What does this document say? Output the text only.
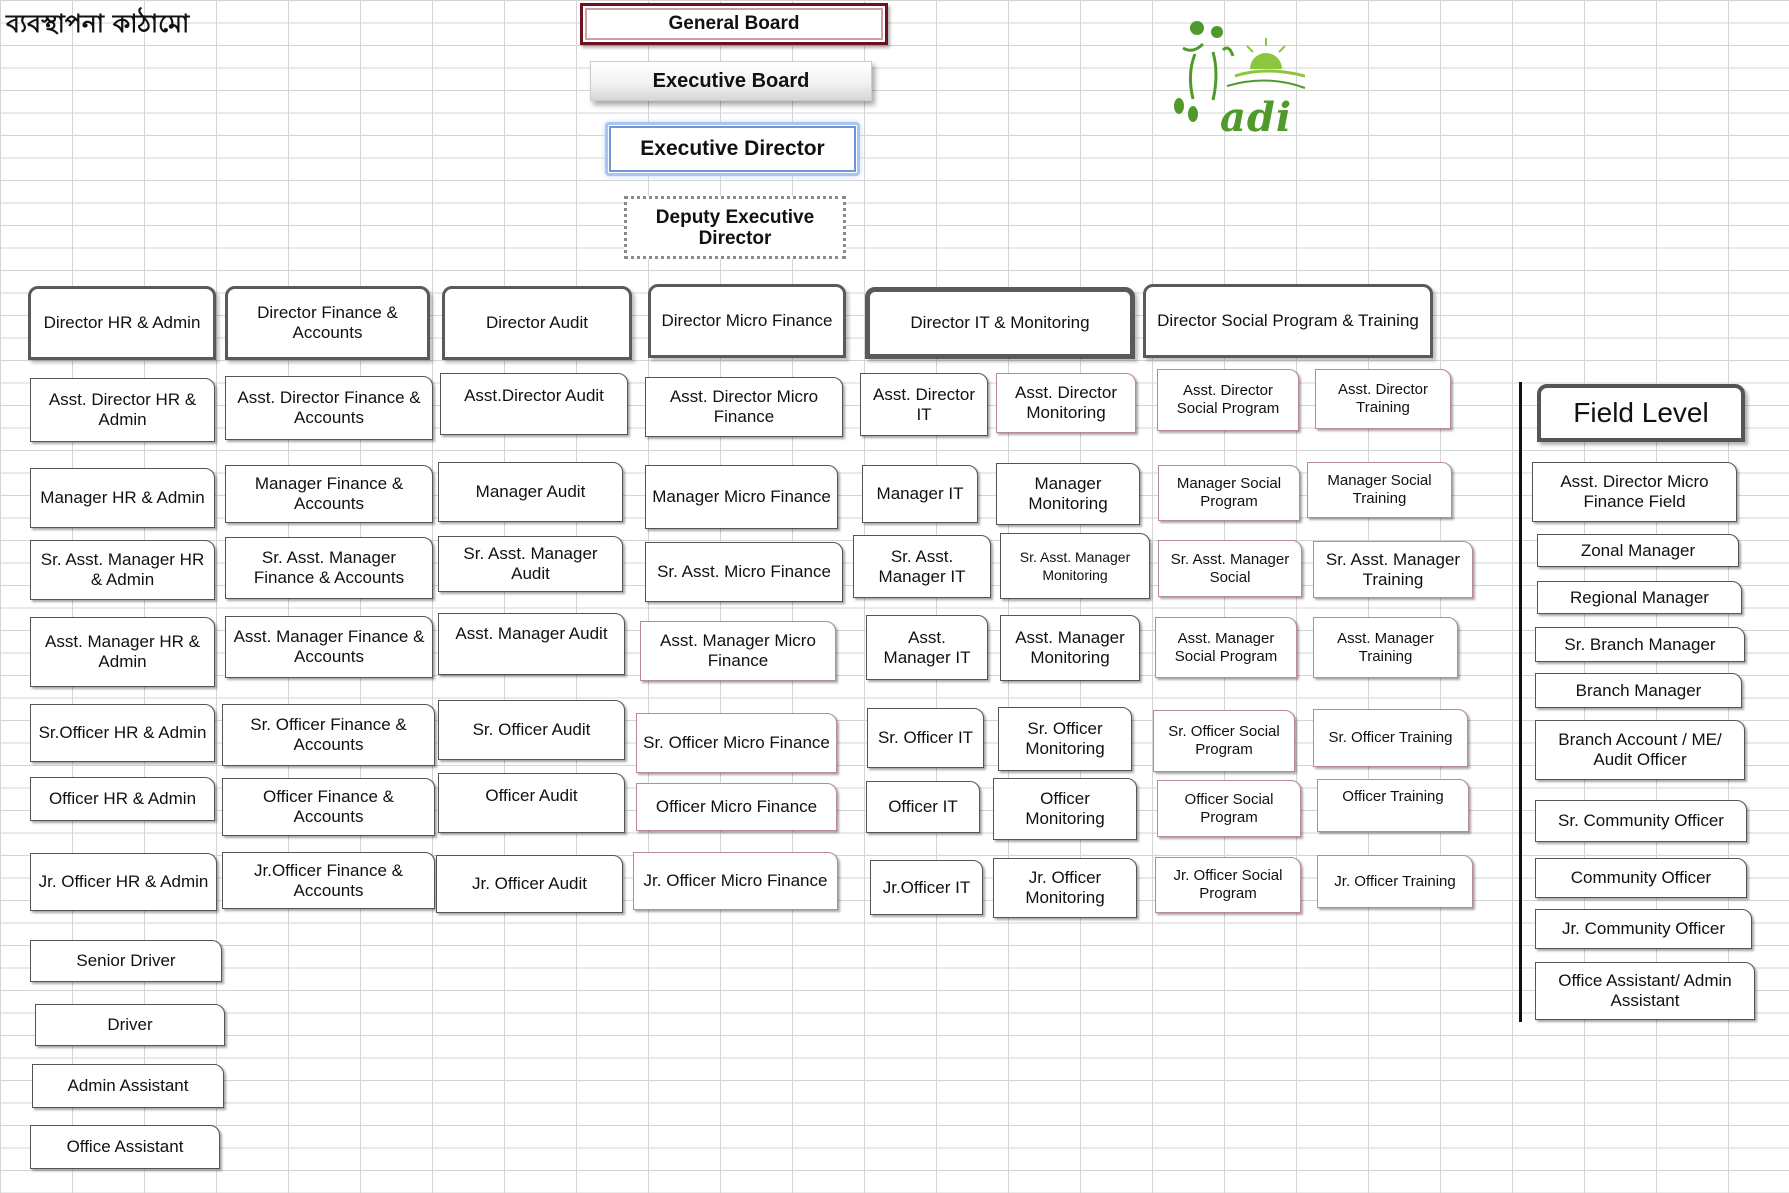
ব্যবস্থাপনা কাঠামো
adi
General Board
Executive Board
Executive Director
Deputy Executive Director
Director HR & Admin
Director Finance & Accounts
Director Audit	Director Micro Finance	Director IT & Monitoring	Director Social Program & Training
Asst. Director HR & Admin
Manager HR & Admin
Sr. Asst. Manager HR & Admin
Asst. Manager HR & Admin
Sr.Officer HR & Admin
Officer HR & Admin
Jr. Officer HR & Admin
Senior Driver
Driver
Admin Assistant
Office Assistant
Asst. Director Finance & Accounts
Manager Finance & Accounts
Sr. Asst. Manager Finance & Accounts
Asst. Manager Finance & Accounts
Sr. Officer Finance & Accounts
Officer Finance & Accounts
Jr.Officer Finance & Accounts
Asst.Director Audit
Manager Audit
Sr. Asst. Manager Audit
Asst. Manager Audit
Sr. Officer Audit
Officer Audit
Jr. Officer Audit
Asst. Director Micro Finance
Manager Micro Finance
Sr. Asst. Micro Finance
Asst. Manager Micro Finance
Sr. Officer Micro Finance
Officer Micro Finance
Jr. Officer Micro Finance
Asst. Director IT
Manager IT
Sr. Asst. Manager IT
Asst. Manager IT
Sr. Officer IT
Officer IT
Jr.Officer IT
Asst. Director Monitoring
Manager Monitoring
Sr. Asst. Manager Monitoring
Asst. Manager Monitoring
Sr. Officer Monitoring
Officer Monitoring
Jr. Officer Monitoring
Asst. Director Social Program
Manager Social Program
Sr. Asst. Manager Social
Asst. Manager Social Program
Sr. Officer Social Program
Officer Social Program
Jr. Officer Social Program
Asst. Director Training
Manager Social Training
Sr. Asst. Manager Training
Asst. Manager Training
Sr. Officer Training
Officer Training
Jr. Officer Training
Field Level
Asst. Director Micro Finance Field
Zonal Manager
Regional Manager
Sr. Branch Manager
Branch Manager
Branch Account / ME/ Audit Officer
Sr. Community Officer
Community Officer
Jr. Community Officer
Office Assistant/ Admin Assistant
